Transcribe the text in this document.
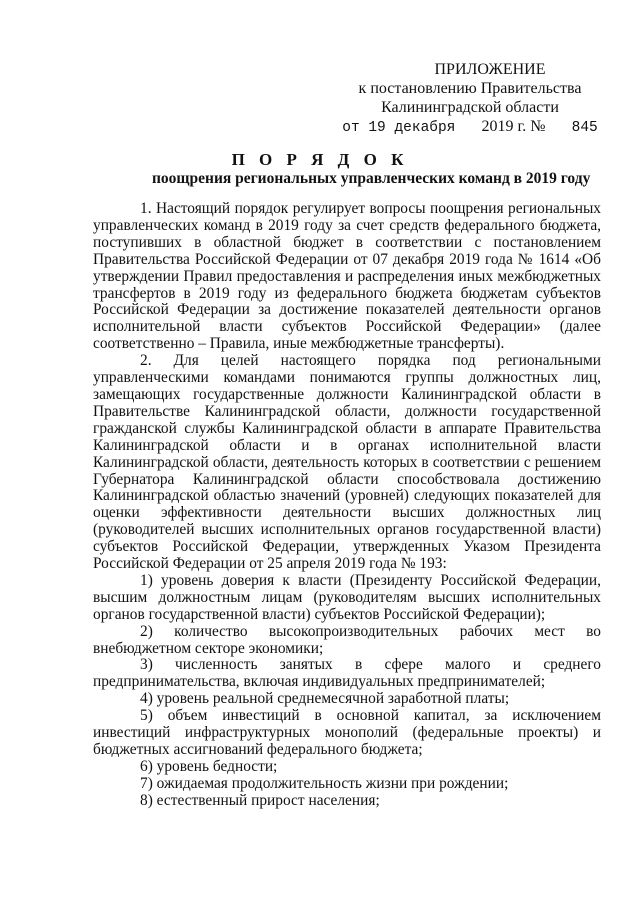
ПРИЛОЖЕНИЕ
к постановлению Правительства
Калининградской области
от 19 декабря 2019 г. № 845
П О Р Я Д О К
поощрения региональных управленческих команд в 2019 году

1. Настоящий порядок регулирует вопросы поощрения региональных управленческих команд в 2019 году за счет средств федерального бюджета, поступивших в областной бюджет в соответствии с постановлением Правительства Российской Федерации от 07 декабря 2019 года № 1614 «Об утверждении Правил предоставления и распределения иных межбюджетных трансфертов в 2019 году из федерального бюджета бюджетам субъектов Российской Федерации за достижение показателей деятельности органов исполнительной власти субъектов Российской Федерации» (далее соответственно – Правила, иные межбюджетные трансферты).

2. Для целей настоящего порядка под региональными управленческими командами понимаются группы должностных лиц, замещающих государственные должности Калининградской области в Правительстве Калининградской области, должности государственной гражданской службы Калининградской области в аппарате Правительства Калининградской области и в органах исполнительной власти Калининградской области, деятельность которых в соответствии с решением Губернатора Калининградской области способствовала достижению Калининградской областью значений (уровней) следующих показателей для оценки эффективности деятельности высших должностных лиц (руководителей высших исполнительных органов государственной власти) субъектов Российской Федерации, утвержденных Указом Президента Российской Федерации от 25 апреля 2019 года № 193:

1) уровень доверия к власти (Президенту Российской Федерации, высшим должностным лицам (руководителям высших исполнительных органов государственной власти) субъектов Российской Федерации);

2) количество высокопроизводительных рабочих мест во

внебюджетном секторе экономики;

3) численность занятых в сфере малого и среднего

предпринимательства, включая индивидуальных предпринимателей;

4) уровень реальной среднемесячной заработной платы;

5) объем инвестиций в основной капитал, за исключением инвестиций инфраструктурных монополий (федеральные проекты) и бюджетных ассигнований федерального бюджета;

6) уровень бедности;

7) ожидаемая продолжительность жизни при рождении;

8) естественный прирост населения;
